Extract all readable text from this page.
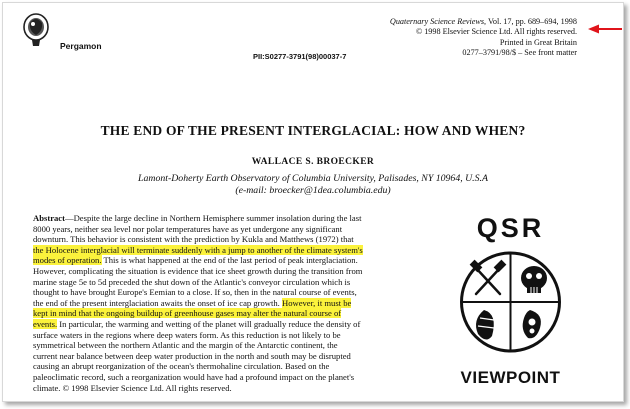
Pergamon
PII:S0277-3791(98)00037-7
Quaternary Science Reviews, Vol. 17, pp. 689–694, 1998
© 1998 Elsevier Science Ltd. All rights reserved.
Printed in Great Britain
0277–3791/98/$ – See front matter
THE END OF THE PRESENT INTERGLACIAL: HOW AND WHEN?
WALLACE S. BROECKER
Lamont-Doherty Earth Observatory of Columbia University, Palisades, NY 10964, U.S.A
(e-mail: broecker@1dea.columbia.edu)
Abstract—Despite the large decline in Northern Hemisphere summer insolation during the last
8000 years, neither sea level nor polar temperatures have as yet undergone any significant
downturn. This behavior is consistent with the prediction by Kukla and Matthews (1972) that
the Holocene interglacial will terminate suddenly with a jump to another of the climate system's
modes of operation. This is what happened at the end of the last period of peak interglaciation.
However, complicating the situation is evidence that ice sheet growth during the transition from
marine stage 5e to 5d preceded the shut down of the Atlantic's conveyor circulation which is
thought to have brought Europe's Eemian to a close. If so, then in the natural course of events,
the end of the present interglaciation awaits the onset of ice cap growth. However, it must be
kept in mind that the ongoing buildup of greenhouse gases may alter the natural course of
events. In particular, the warming and wetting of the planet will gradually reduce the density of
surface waters in the regions where deep waters form. As this reduction is not likely to be
symmetrical between the northern Atlantic and the margin of the Antarctic continent, the
current near balance between deep water production in the north and south may be disrupted
causing an abrupt reorganization of the ocean's thermohaline circulation. Based on the
paleoclimatic record, such a reorganization would have had a profound impact on the planet's
climate. © 1998 Elsevier Science Ltd. All rights reserved.
QSR
VIEWPOINT
